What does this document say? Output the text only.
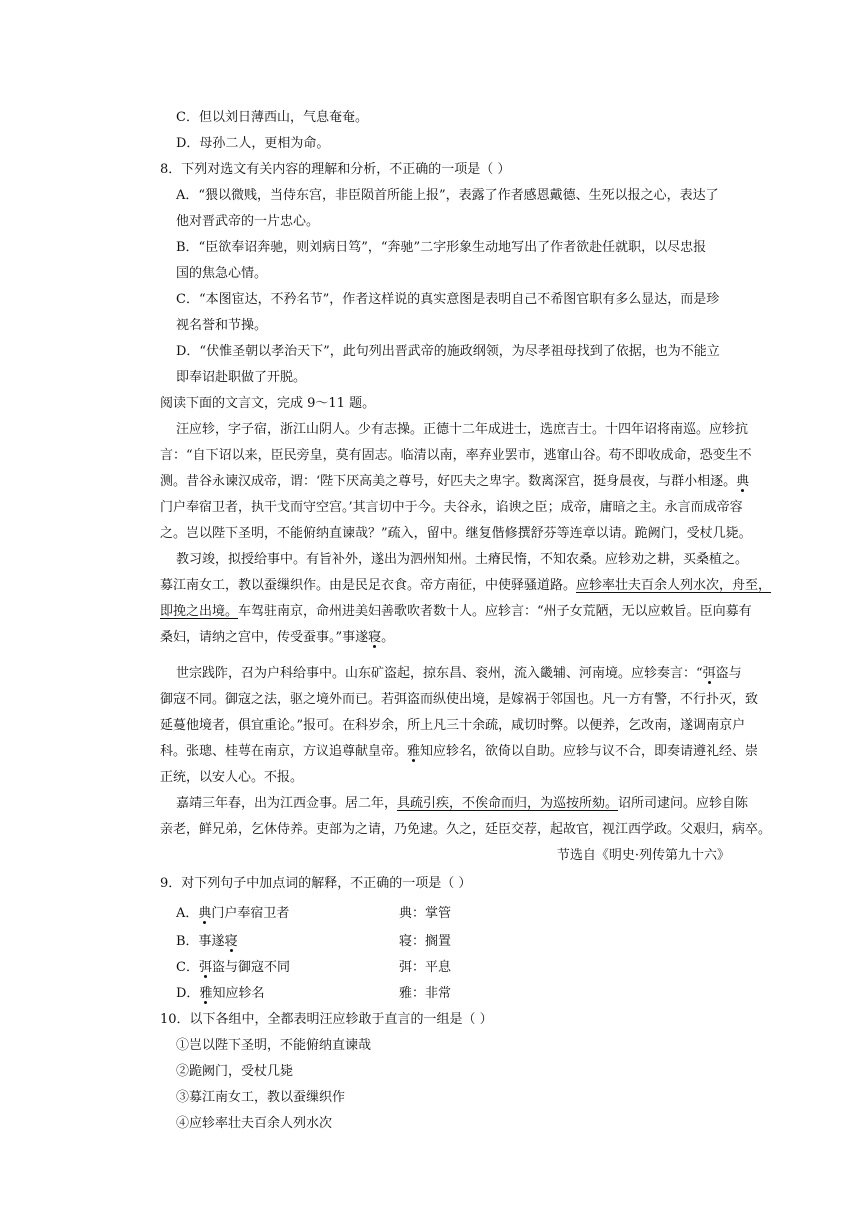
C．但以刘日薄西山，气息奄奄。
D．母孙二人，更相为命。
8．下列对选文有关内容的理解和分析，不正确的一项是（ ）
A．“猥以微贱，当侍东宫，非臣陨首所能上报”，表露了作者感恩戴德、生死以报之心，表达了
他对晋武帝的一片忠心。
B．“臣欲奉诏奔驰，则刘病日笃”，“奔驰”二字形象生动地写出了作者欲赴任就职，以尽忠报
国的焦急心情。
C．“本图宦达，不矜名节”，作者这样说的真实意图是表明自己不希图官职有多么显达，而是珍
视名誉和节操。
D．“伏惟圣朝以孝治天下”，此句列出晋武帝的施政纲领，为尽孝祖母找到了依据，也为不能立
即奉诏赴职做了开脱。
阅读下面的文言文，完成 9～11 题。
汪应轸，字子宿，浙江山阴人。少有志操。正德十二年成进士，选庶吉士。十四年诏将南巡。应轸抗
言：“自下诏以来，臣民旁皇，莫有固志。临清以南，率弃业罢市，逃窜山谷。苟不即收成命，恐变生不
测。昔谷永谏汉成帝，谓：‘陛下厌高美之尊号，好匹夫之卑字。数离深宫，挺身晨夜，与群小相逐。典
门户奉宿卫者，执干戈而守空宫。’其言切中于今。夫谷永，谄谀之臣；成帝，庸暗之主。永言而成帝容
之。岂以陛下圣明，不能俯纳直谏哉？”疏入，留中。继复偕修撰舒芬等连章以请。跪阙门，受杖几毙。
教习竣，拟授给事中。有旨补外，遂出为泗州知州。土瘠民惰，不知农桑。应轸劝之耕，买桑植之。
募江南女工，教以蚕缫织作。由是民足衣食。帝方南征，中使驿骚道路。应轸率壮夫百余人列水次，舟至，
即挽之出境。车驾驻南京，命州进美妇善歌吹者数十人。应轸言：“州子女荒陋，无以应敕旨。臣向募有
桑妇，请纳之宫中，传受蚕事。”事遂寝。
世宗践阼，召为户科给事中。山东矿盗起，掠东昌、衮州，流入畿辅、河南境。应轸奏言：“弭盗与
御寇不同。御寇之法，驱之境外而已。若弭盗而纵使出境，是嫁祸于邻国也。凡一方有警，不行扑灭，致
延蔓他境者，俱宜重论。”报可。在科岁余，所上凡三十余疏，咸切时弊。以便养，乞改南，遂调南京户
科。张璁、桂萼在南京，方议追尊献皇帝。雅知应轸名，欲倚以自助。应轸与议不合，即奏请遵礼经、崇
正统，以安人心。不报。
嘉靖三年春，出为江西佥事。居二年，具疏引疾，不俟命而归，为巡按所劾。诏所司逮问。应轸自陈
亲老，鲜兄弟，乞休侍养。吏部为之请，乃免逮。久之，廷臣交荐，起故官，视江西学政。父艰归，病卒。
节选自《明史·列传第九十六》
9．对下列句子中加点词的解释，不正确的一项是（ ）
A．典门户奉宿卫者	典：掌管
B．事遂寝	寝：搁置
C．弭盗与御寇不同	弭：平息
D．雅知应轸名	雅：非常
10．以下各组中，全都表明汪应轸敢于直言的一组是（ ）
①岂以陛下圣明，不能俯纳直谏哉
②跪阙门，受杖几毙
③募江南女工，教以蚕缫织作
④应轸率壮夫百余人列水次
